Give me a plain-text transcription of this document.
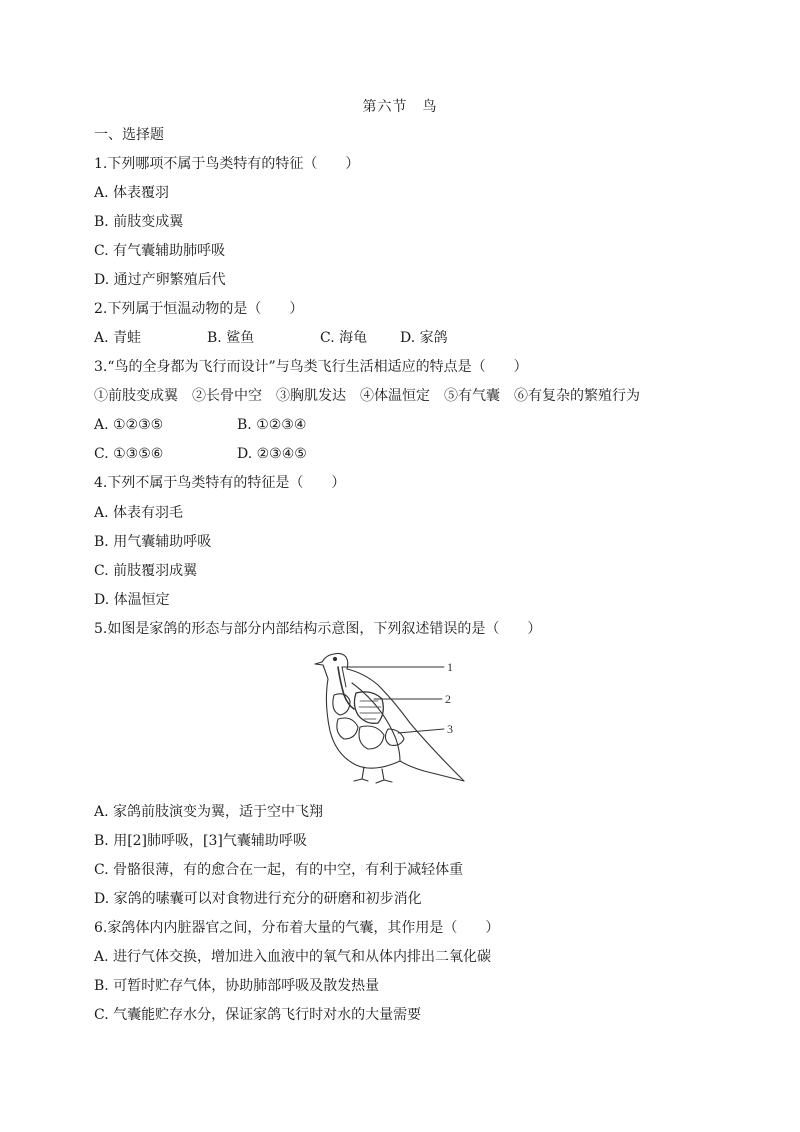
第六节　鸟
一、选择题
1.下列哪项不属于鸟类特有的特征（　　）
A. 体表覆羽
B. 前肢变成翼
C. 有气囊辅助肺呼吸
D. 通过产卵繁殖后代
2.下列属于恒温动物的是（　　）
A. 青蛙	B. 鲨鱼	C. 海龟 D. 家鸽
3.“鸟的全身都为飞行而设计”与鸟类飞行生活相适应的特点是（　　）
①前肢变成翼　②长骨中空　③胸肌发达　④体温恒定　⑤有气囊　⑥有复杂的繁殖行为
A. ①②③⑤	B. ①②③④
C. ①③⑤⑥	D. ②③④⑤
4.下列不属于鸟类特有的特征是（　　）
A. 体表有羽毛
B. 用气囊辅助呼吸
C. 前肢覆羽成翼
D. 体温恒定
5.如图是家鸽的形态与部分内部结构示意图，下列叙述错误的是（　　）
1
2
3
A. 家鸽前肢演变为翼，适于空中飞翔
B. 用[2]肺呼吸，[3]气囊辅助呼吸
C. 骨骼很薄，有的愈合在一起，有的中空，有利于减轻体重
D. 家鸽的嗉囊可以对食物进行充分的研磨和初步消化
6.家鸽体内内脏器官之间，分布着大量的气囊，其作用是（　　）
A. 进行气体交换，增加进入血液中的氧气和从体内排出二氧化碳
B. 可暂时贮存气体，协助肺部呼吸及散发热量
C. 气囊能贮存水分，保证家鸽飞行时对水的大量需要
